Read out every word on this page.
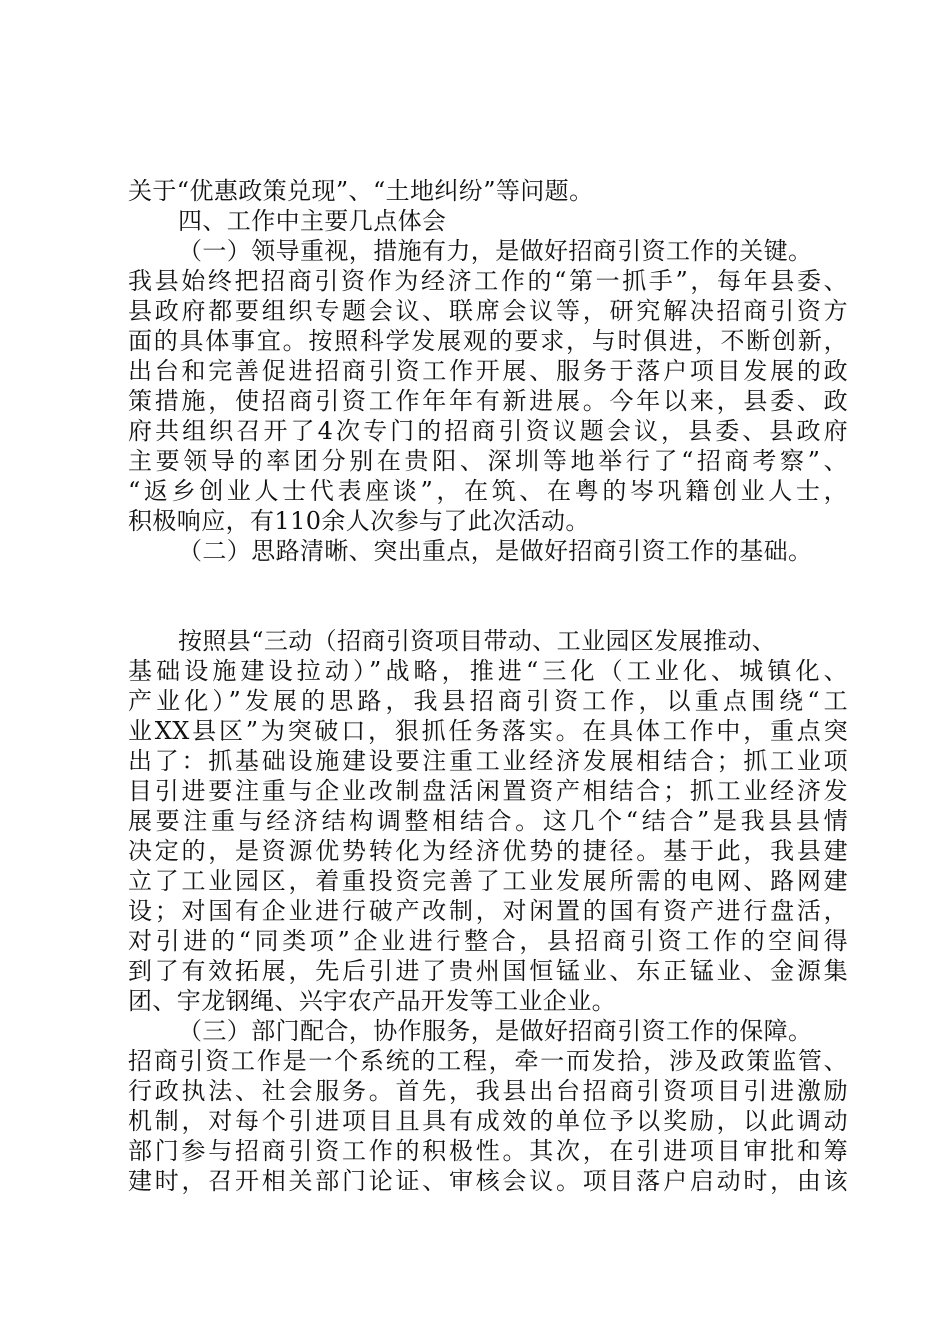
关于“优惠政策兑现”、“土地纠纷”等问题。
四、工作中主要几点体会
（一）领导重视，措施有力，是做好招商引资工作的关键。
我县始终把招商引资作为经济工作的“第一抓手”，每年县委、
县政府都要组织专题会议、联席会议等，研究解决招商引资方
面的具体事宜。按照科学发展观的要求，与时俱进，不断创新，
出台和完善促进招商引资工作开展、服务于落户项目发展的政
策措施，使招商引资工作年年有新进展。今年以来，县委、政
府共组织召开了4次专门的招商引资议题会议，县委、县政府
主要领导的率团分别在贵阳、深圳等地举行了“招商考察”、
“返乡创业人士代表座谈”，在筑、在粤的岑巩籍创业人士，
积极响应，有110余人次参与了此次活动。
（二）思路清晰、突出重点，是做好招商引资工作的基础。
按照县“三动（招商引资项目带动、工业园区发展推动、
基础设施建设拉动）”战略，推进“三化（工业化、城镇化、
产业化）”发展的思路，我县招商引资工作，以重点围绕“工
业XX县区”为突破口，狠抓任务落实。在具体工作中，重点突
出了：抓基础设施建设要注重工业经济发展相结合；抓工业项
目引进要注重与企业改制盘活闲置资产相结合；抓工业经济发
展要注重与经济结构调整相结合。这几个“结合”是我县县情
决定的，是资源优势转化为经济优势的捷径。基于此，我县建
立了工业园区，着重投资完善了工业发展所需的电网、路网建
设；对国有企业进行破产改制，对闲置的国有资产进行盘活，
对引进的“同类项”企业进行整合，县招商引资工作的空间得
到了有效拓展，先后引进了贵州国恒锰业、东正锰业、金源集
团、宇龙钢绳、兴宇农产品开发等工业企业。
（三）部门配合，协作服务，是做好招商引资工作的保障。
招商引资工作是一个系统的工程，牵一而发拾，涉及政策监管、
行政执法、社会服务。首先，我县出台招商引资项目引进激励
机制，对每个引进项目且具有成效的单位予以奖励，以此调动
部门参与招商引资工作的积极性。其次，在引进项目审批和筹
建时，召开相关部门论证、审核会议。项目落户启动时，由该
